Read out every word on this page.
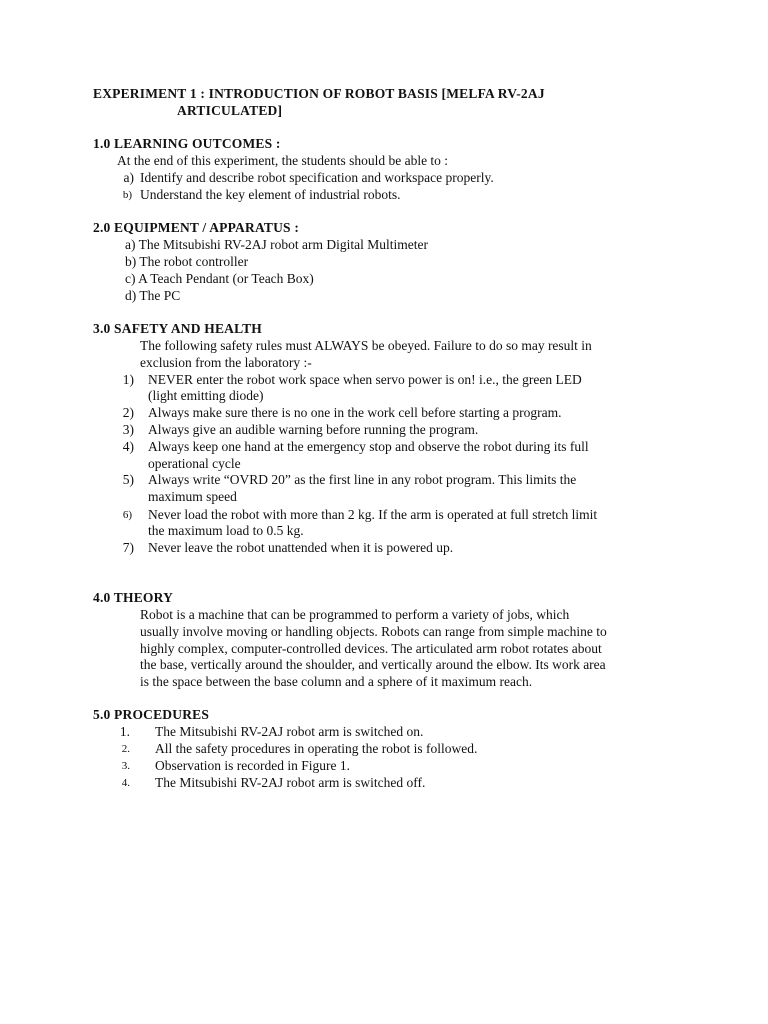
EXPERIMENT 1 : INTRODUCTION OF ROBOT BASIS [MELFA RV-2AJ
ARTICULATED]
1.0 LEARNING OUTCOMES :
At the end of this experiment, the students should be able to :
a) Identify and describe robot specification and workspace properly.
b) Understand the key element of industrial robots.
2.0 EQUIPMENT / APPARATUS :
a) The Mitsubishi RV-2AJ robot arm Digital Multimeter
b) The robot controller
c) A Teach Pendant (or Teach Box)
d) The PC
3.0 SAFETY AND HEALTH
The following safety rules must ALWAYS be obeyed. Failure to do so may result in
exclusion from the laboratory :-
1) NEVER enter the robot work space when servo power is on! i.e., the green LED
(light emitting diode)
2) Always make sure there is no one in the work cell before starting a program.
3) Always give an audible warning before running the program.
4) Always keep one hand at the emergency stop and observe the robot during its full
operational cycle
5) Always write “OVRD 20” as the first line in any robot program. This limits the
maximum speed
6) Never load the robot with more than 2 kg. If the arm is operated at full stretch limit
the maximum load to 0.5 kg.
7) Never leave the robot unattended when it is powered up.
4.0 THEORY
Robot is a machine that can be programmed to perform a variety of jobs, which
usually involve moving or handling objects. Robots can range from simple machine to
highly complex, computer-controlled devices. The articulated arm robot rotates about
the base, vertically around the shoulder, and vertically around the elbow. Its work area
is the space between the base column and a sphere of it maximum reach.
5.0 PROCEDURES
1. The Mitsubishi RV-2AJ robot arm is switched on.
2. All the safety procedures in operating the robot is followed.
3. Observation is recorded in Figure 1.
4. The Mitsubishi RV-2AJ robot arm is switched off.
